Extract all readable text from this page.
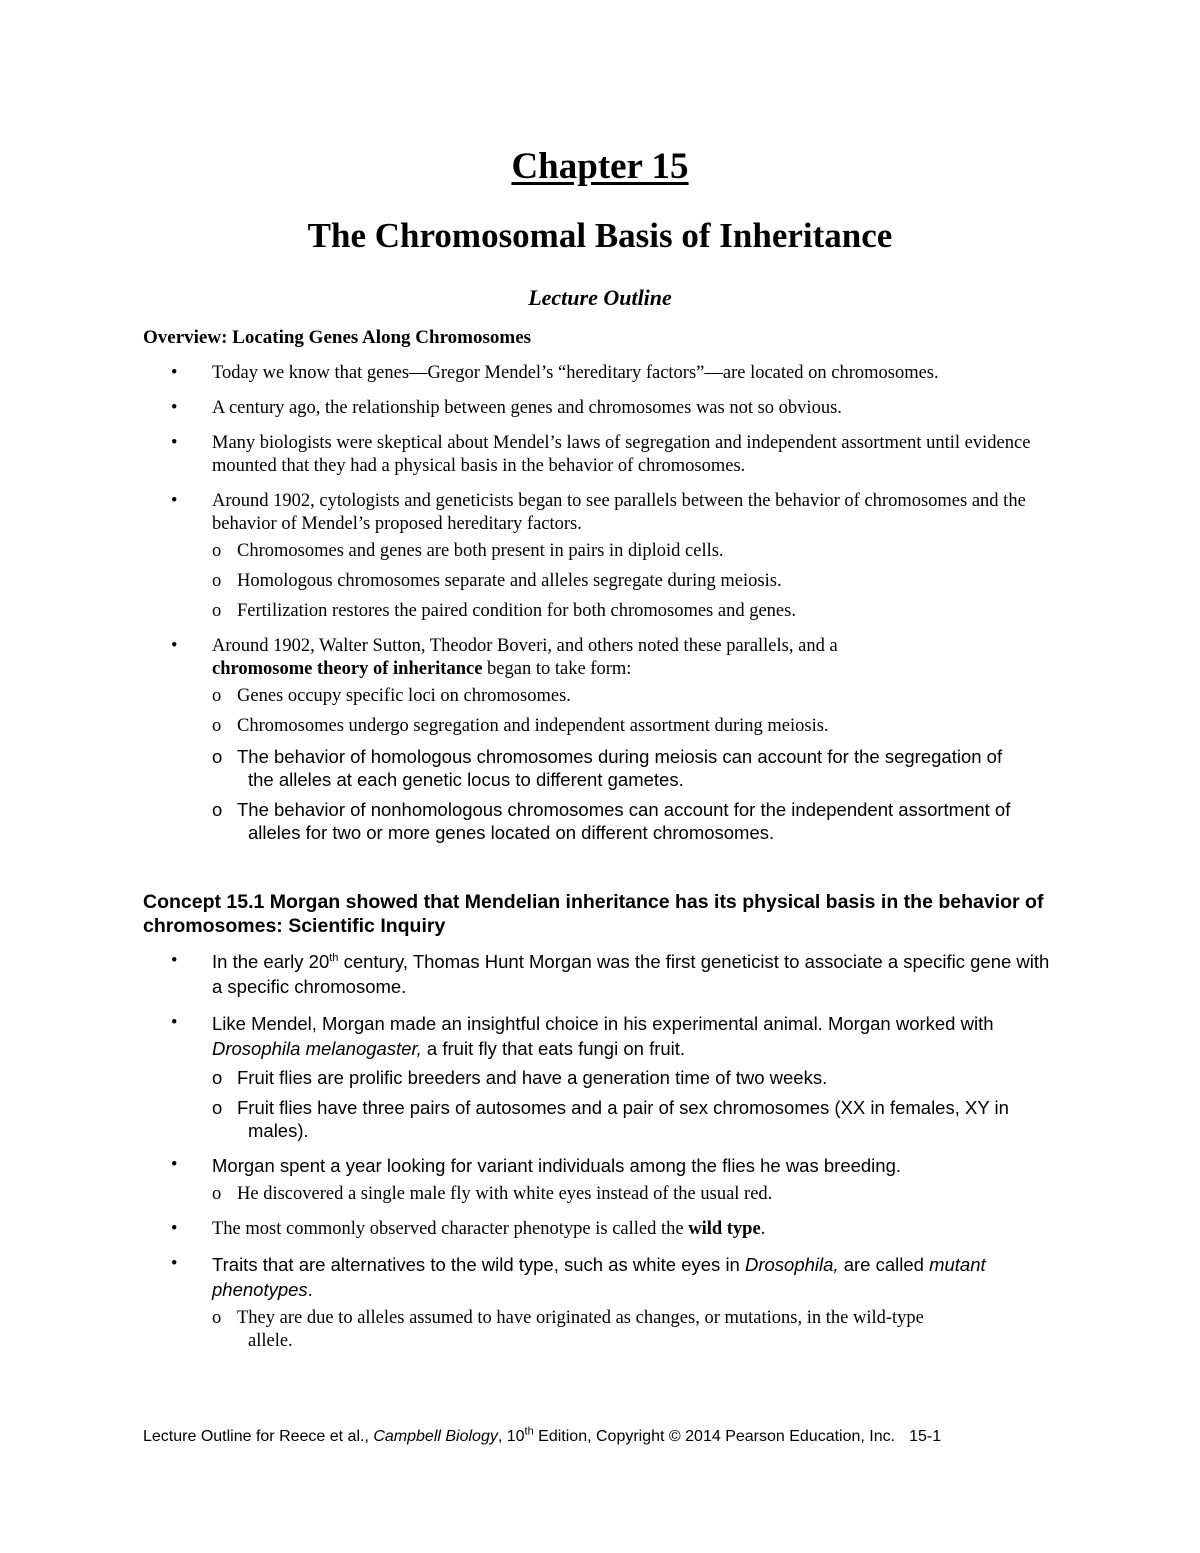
Chapter 15
The Chromosomal Basis of Inheritance
Lecture Outline
Overview: Locating Genes Along Chromosomes
• Today we know that genes—Gregor Mendel’s “hereditary factors”—are located on chromosomes.
• A century ago, the relationship between genes and chromosomes was not so obvious.
• Many biologists were skeptical about Mendel’s laws of segregation and independent assortment until evidence mounted that they had a physical basis in the behavior of chromosomes.
• Around 1902, cytologists and geneticists began to see parallels between the behavior of chromosomes and the behavior of Mendel’s proposed hereditary factors.
o Chromosomes and genes are both present in pairs in diploid cells.
o Homologous chromosomes separate and alleles segregate during meiosis.
o Fertilization restores the paired condition for both chromosomes and genes.
• Around 1902, Walter Sutton, Theodor Boveri, and others noted these parallels, and a
chromosome theory of inheritance began to take form:
o Genes occupy specific loci on chromosomes.
o Chromosomes undergo segregation and independent assortment during meiosis.
o The behavior of homologous chromosomes during meiosis can account for the segregation of
the alleles at each genetic locus to different gametes.
o The behavior of nonhomologous chromosomes can account for the independent assortment of
alleles for two or more genes located on different chromosomes.
Concept 15.1 Morgan showed that Mendelian inheritance has its physical basis in the behavior of chromosomes: Scientific Inquiry
• In the early 20th century, Thomas Hunt Morgan was the first geneticist to associate a specific gene with a specific chromosome.
• Like Mendel, Morgan made an insightful choice in his experimental animal. Morgan worked with
Drosophila melanogaster, a fruit fly that eats fungi on fruit.
o Fruit flies are prolific breeders and have a generation time of two weeks.
o Fruit flies have three pairs of autosomes and a pair of sex chromosomes (XX in females, XY in
males).
• Morgan spent a year looking for variant individuals among the flies he was breeding.
o He discovered a single male fly with white eyes instead of the usual red.
• The most commonly observed character phenotype is called the wild type.
• Traits that are alternatives to the wild type, such as white eyes in Drosophila, are called mutant phenotypes.
o They are due to alleles assumed to have originated as changes, or mutations, in the wild-type
allele.
Lecture Outline for Reece et al., Campbell Biology, 10th Edition, Copyright © 2014 Pearson Education, Inc. 15-1
